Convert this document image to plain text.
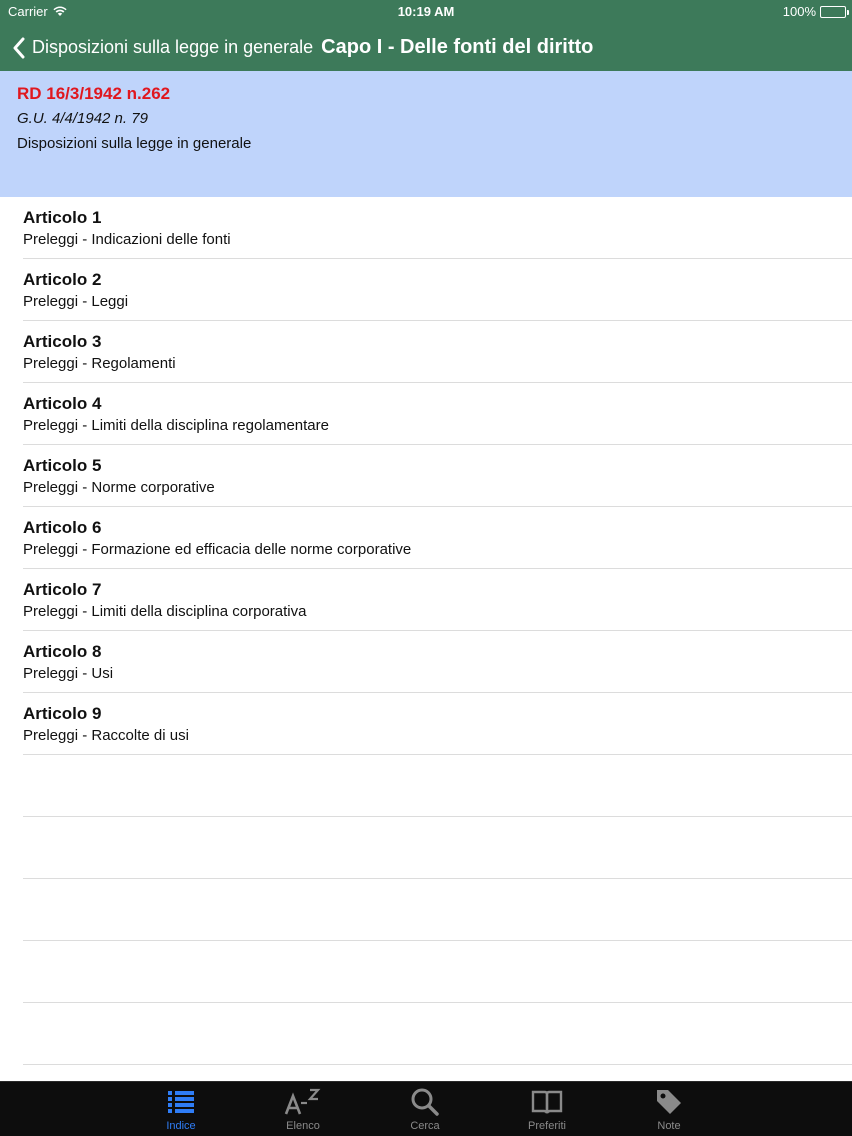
Carrier	10:19 AM	100%
Disposizioni sulla legge in generale Capo I - Delle fonti del diritto
RD 16/3/1942 n.262
G.U. 4/4/1942 n. 79
Disposizioni sulla legge in generale
Articolo 1
Preleggi - Indicazioni delle fonti
Articolo 2
Preleggi - Leggi
Articolo 3
Preleggi - Regolamenti
Articolo 4
Preleggi - Limiti della disciplina regolamentare
Articolo 5
Preleggi - Norme corporative
Articolo 6
Preleggi - Formazione ed efficacia delle norme corporative
Articolo 7
Preleggi - Limiti della disciplina corporativa
Articolo 8
Preleggi - Usi
Articolo 9
Preleggi - Raccolte di usi
Indice	Elenco	Cerca	Preferiti	Note
